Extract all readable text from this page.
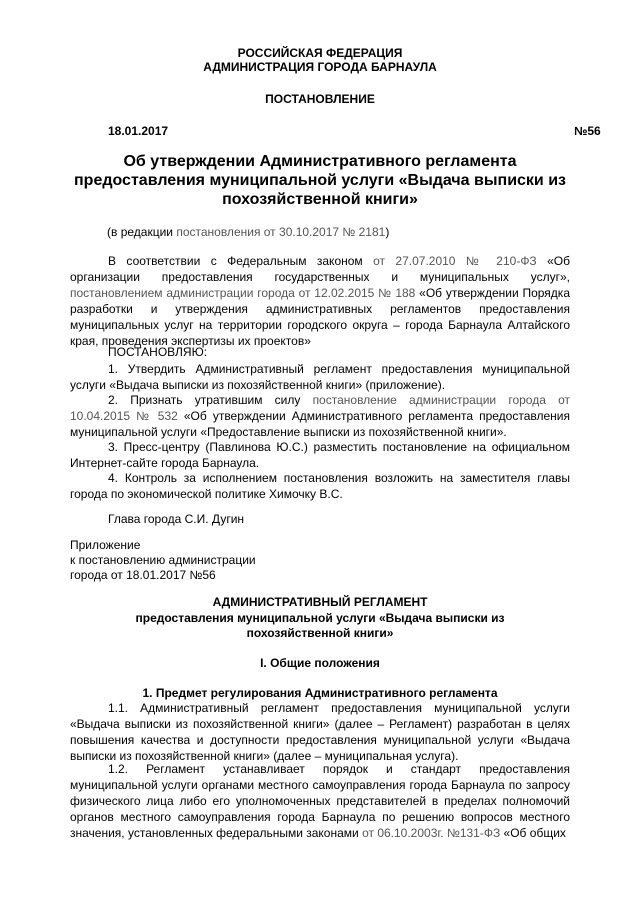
РОССИЙСКАЯ ФЕДЕРАЦИЯ
АДМИНИСТРАЦИЯ ГОРОДА БАРНАУЛА
ПОСТАНОВЛЕНИЕ
18.01.2017	№56
Об утверждении Административного регламента
предоставления муниципальной услуги «Выдача выписки из
похозяйственной книги»
(в редакции постановления от 30.10.2017 № 2181)

В соответствии с Федеральным законом от 27.07.2010 № 210-ФЗ «Об организации предоставления государственных и муниципальных услуг», постановлением администрации города от 12.02.2015 № 188 «Об утверждении Порядка разработки и утверждения административных регламентов предоставления муниципальных услуг на территории городского округа – города Барнаула Алтайского края, проведения экспертизы их проектов»

ПОСТАНОВЛЯЮ:

1. Утвердить Административный регламент предоставления муниципальной услуги «Выдача выписки из похозяйственной книги» (приложение).

2. Признать утратившим силу постановление администрации города от 10.04.2015 № 532 «Об утверждении Административного регламента предоставления муниципальной услуги «Предоставление выписки из похозяйственной книги».

3. Пресс-центру (Павлинова Ю.С.) разместить постановление на официальном Интернет-сайте города Барнаула.

4. Контроль за исполнением постановления возложить на заместителя главы города по экономической политике Химочку В.С.

Глава города С.И. Дугин
Приложение
к постановлению администрации
города от 18.01.2017 №56
АДМИНИСТРАТИВНЫЙ РЕГЛАМЕНТ
предоставления муниципальной услуги «Выдача выписки из
похозяйственной книги»
I. Общие положения
1. Предмет регулирования Административного регламента

1.1. Административный регламент предоставления муниципальной услуги «Выдача выписки из похозяйственной книги» (далее – Регламент) разработан в целях повышения качества и доступности предоставления муниципальной услуги «Выдача выписки из похозяйственной книги» (далее – муниципальная услуга).

1.2. Регламент устанавливает порядок и стандарт предоставления муниципальной услуги органами местного самоуправления города Барнаула по запросу физического лица либо его уполномоченных представителей в пределах полномочий органов местного самоуправления города Барнаула по решению вопросов местного значения, установленных федеральными законами от 06.10.2003г. №131-ФЗ «Об общих
